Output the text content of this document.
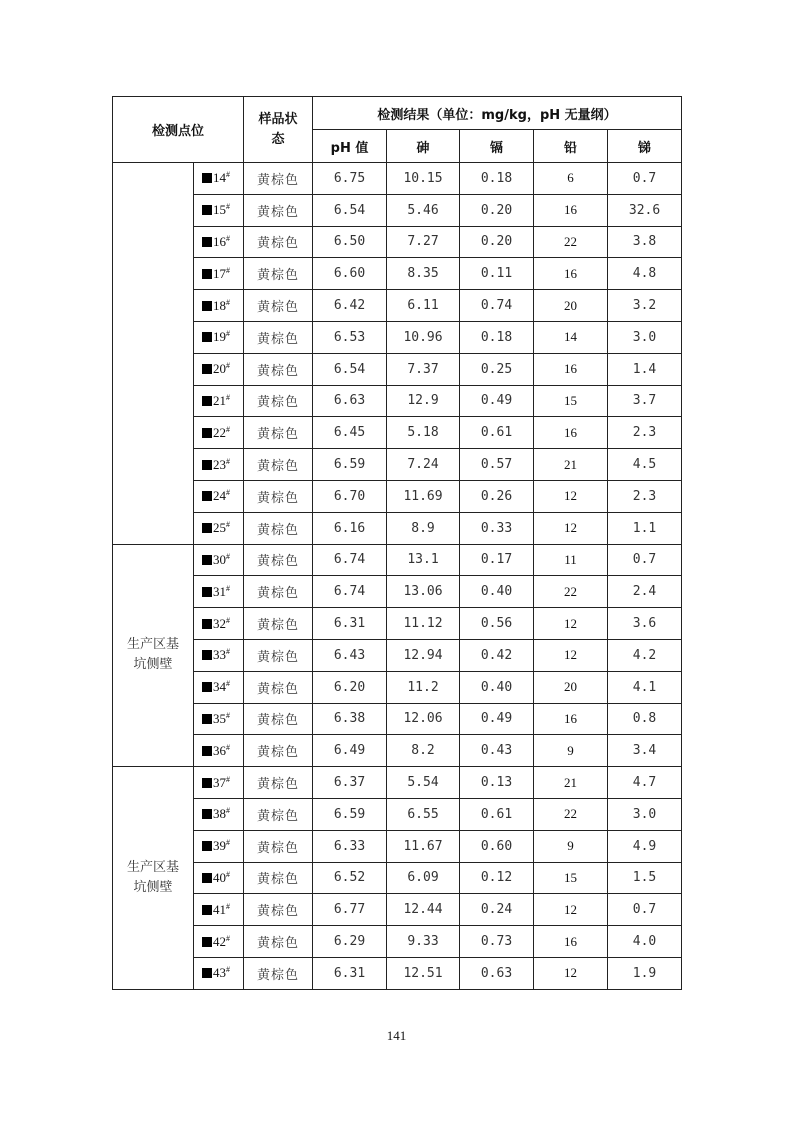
检测点位		样品状态	检测结果（单位：mg/kg，pH 无量纲）				
			pH 值	砷	镉	铅	锑
	14#	黄棕色	6.75	10.15	0.18	6	0.7
	15#	黄棕色	6.54	5.46	0.20	16	32.6
	16#	黄棕色	6.50	7.27	0.20	22	3.8
	17#	黄棕色	6.60	8.35	0.11	16	4.8
	18#	黄棕色	6.42	6.11	0.74	20	3.2
	19#	黄棕色	6.53	10.96	0.18	14	3.0
	20#	黄棕色	6.54	7.37	0.25	16	1.4
	21#	黄棕色	6.63	12.9	0.49	15	3.7
	22#	黄棕色	6.45	5.18	0.61	16	2.3
	23#	黄棕色	6.59	7.24	0.57	21	4.5
	24#	黄棕色	6.70	11.69	0.26	12	2.3
	25#	黄棕色	6.16	8.9	0.33	12	1.1
生产区基坑侧壁	30#	黄棕色	6.74	13.1	0.17	11	0.7
	31#	黄棕色	6.74	13.06	0.40	22	2.4
	32#	黄棕色	6.31	11.12	0.56	12	3.6
	33#	黄棕色	6.43	12.94	0.42	12	4.2
	34#	黄棕色	6.20	11.2	0.40	20	4.1
	35#	黄棕色	6.38	12.06	0.49	16	0.8
	36#	黄棕色	6.49	8.2	0.43	9	3.4
生产区基坑侧壁	37#	黄棕色	6.37	5.54	0.13	21	4.7
	38#	黄棕色	6.59	6.55	0.61	22	3.0
	39#	黄棕色	6.33	11.67	0.60	9	4.9
	40#	黄棕色	6.52	6.09	0.12	15	1.5
	41#	黄棕色	6.77	12.44	0.24	12	0.7
	42#	黄棕色	6.29	9.33	0.73	16	4.0
	43#	黄棕色	6.31	12.51	0.63	12	1.9
141
